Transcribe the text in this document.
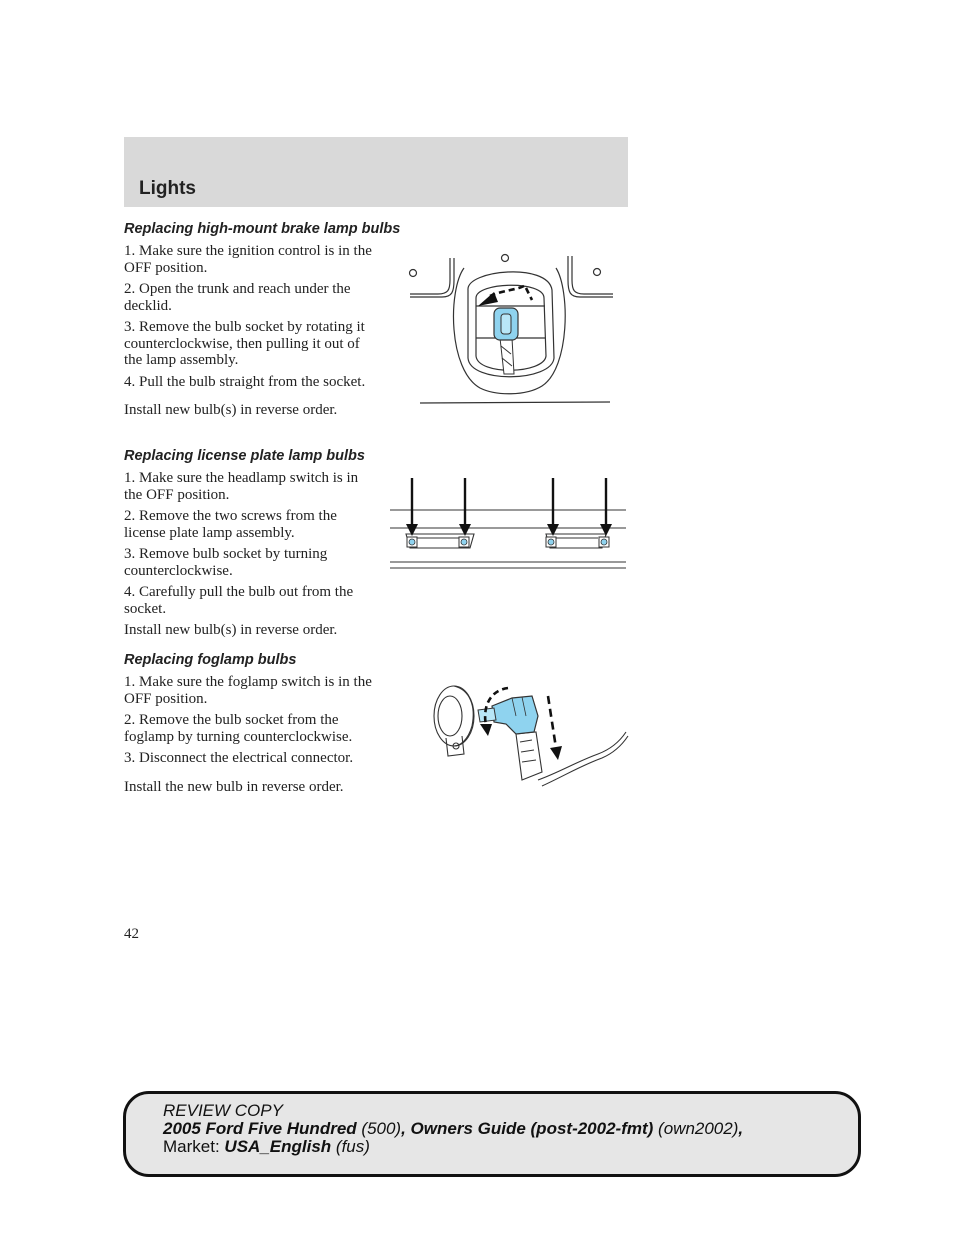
Lights
Replacing high-mount brake lamp bulbs

1. Make sure the ignition control is in the OFF position.

2. Open the trunk and reach under the decklid.

3. Remove the bulb socket by rotating it counterclockwise, then pulling it out of the lamp assembly.

4. Pull the bulb straight from the socket.

Install new bulb(s) in reverse order.
Replacing license plate lamp bulbs

1. Make sure the headlamp switch is in the OFF position.

2. Remove the two screws from the license plate lamp assembly.

3. Remove bulb socket by turning counterclockwise.

4. Carefully pull the bulb out from the socket.

Install new bulb(s) in reverse order.
Replacing foglamp bulbs

1. Make sure the foglamp switch is in the OFF position.

2. Remove the bulb socket from the foglamp by turning counterclockwise.

3. Disconnect the electrical connector.

Install the new bulb in reverse order.
42
REVIEW COPY
2005 Ford Five Hundred (500), Owners Guide (post-2002-fmt) (own2002),
Market: USA_English (fus)
